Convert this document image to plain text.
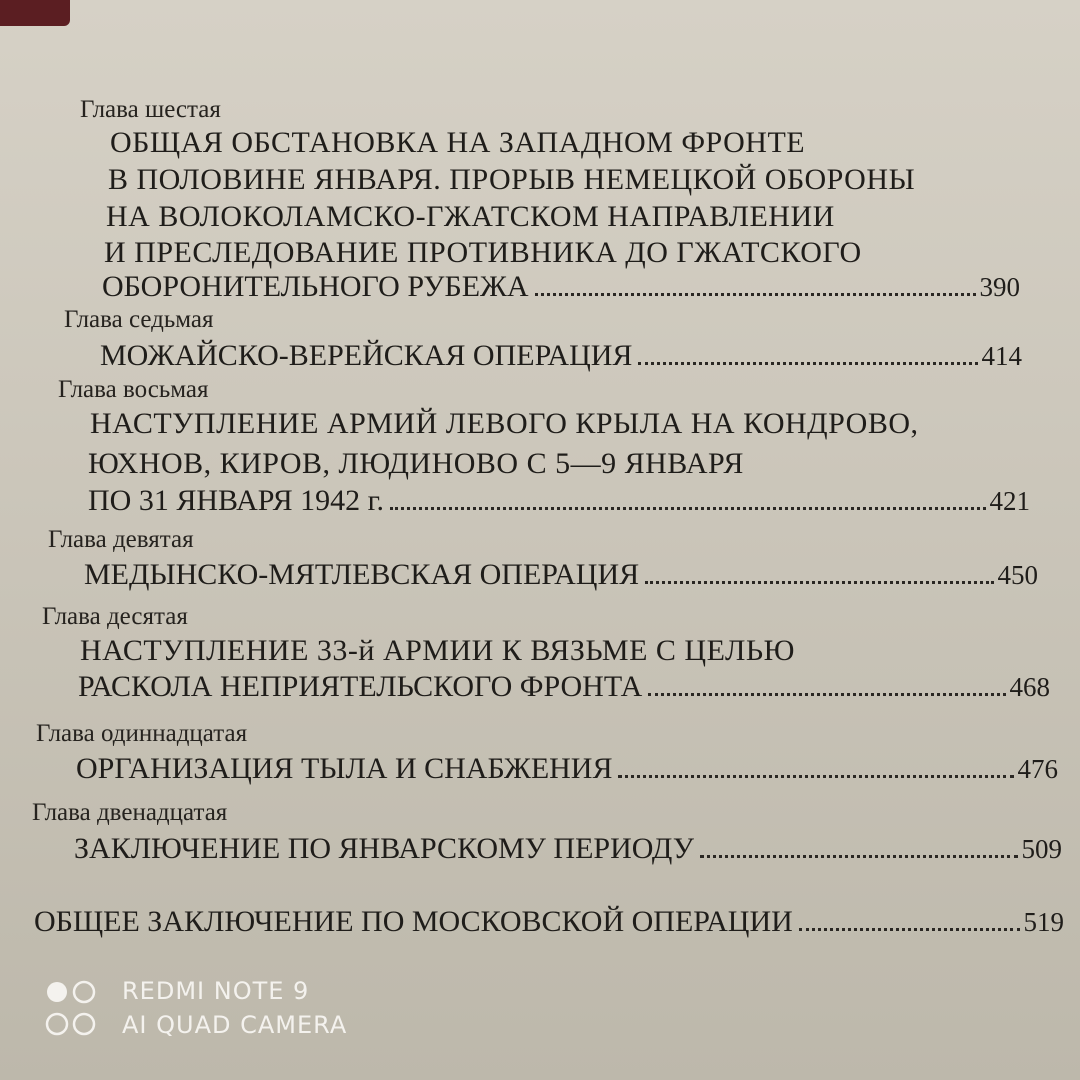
Глава шестая
ОБЩАЯ ОБСТАНОВКА НА ЗАПАДНОМ ФРОНТЕ
В ПОЛОВИНЕ ЯНВАРЯ. ПРОРЫВ НЕМЕЦКОЙ ОБОРОНЫ
НА ВОЛОКОЛАМСКО-ГЖАТСКОМ НАПРАВЛЕНИИ
И ПРЕСЛЕДОВАНИЕ ПРОТИВНИКА ДО ГЖАТСКОГО
ОБОРОНИТЕЛЬНОГО РУБЕЖА	390
Глава седьмая
МОЖАЙСКО-ВЕРЕЙСКАЯ ОПЕРАЦИЯ	414
Глава восьмая
НАСТУПЛЕНИЕ АРМИЙ ЛЕВОГО КРЫЛА НА КОНДРОВО,
ЮХНОВ, КИРОВ, ЛЮДИНОВО С 5—9 ЯНВАРЯ
ПО 31 ЯНВАРЯ 1942 г.	421
Глава девятая
МЕДЫНСКО-МЯТЛЕВСКАЯ ОПЕРАЦИЯ	450
Глава десятая
НАСТУПЛЕНИЕ 33-й АРМИИ К ВЯЗЬМЕ С ЦЕЛЬЮ
РАСКОЛА НЕПРИЯТЕЛЬСКОГО ФРОНТА	468
Глава одиннадцатая
ОРГАНИЗАЦИЯ ТЫЛА И СНАБЖЕНИЯ	476
Глава двенадцатая
ЗАКЛЮЧЕНИЕ ПО ЯНВАРСКОМУ ПЕРИОДУ	509
ОБЩЕЕ ЗАКЛЮЧЕНИЕ ПО МОСКОВСКОЙ ОПЕРАЦИИ	519
REDMI NOTE 9
AI QUAD CAMERA
